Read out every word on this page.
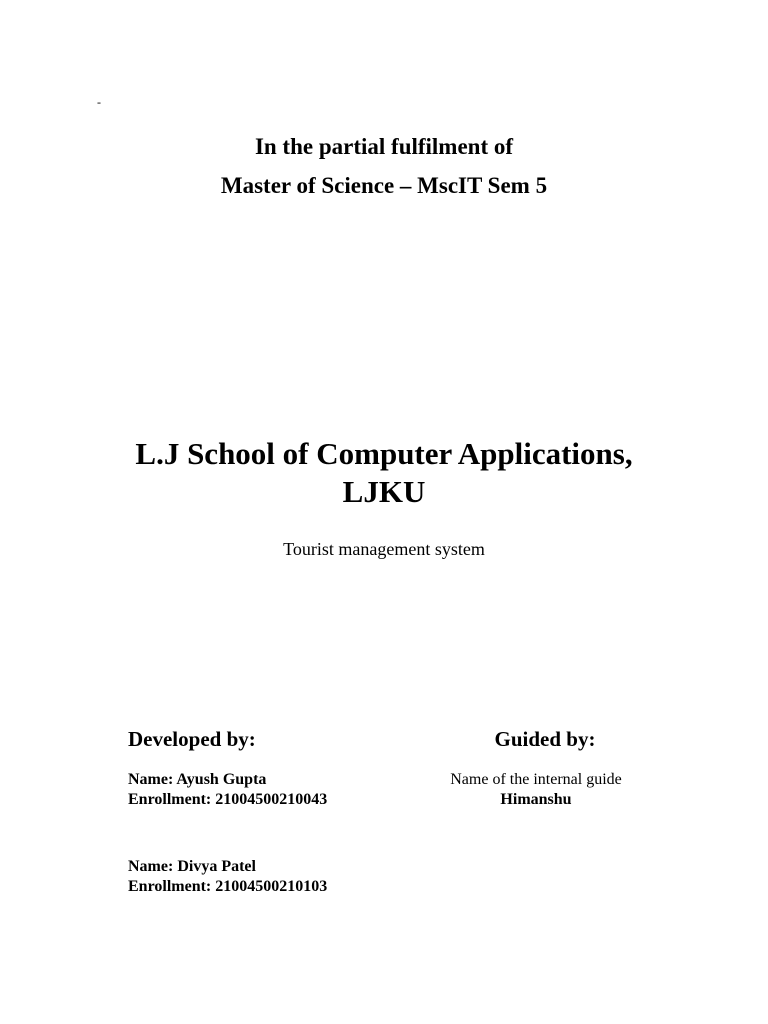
-
In the partial fulfilment of
Master of Science – MscIT Sem 5
L.J School of Computer Applications,
LJKU
Tourist management system
Developed by:	Guided by:
Name: Ayush Gupta
Enrollment: 21004500210043
Name of the internal guide
Himanshu
Name: Divya Patel
Enrollment: 21004500210103
